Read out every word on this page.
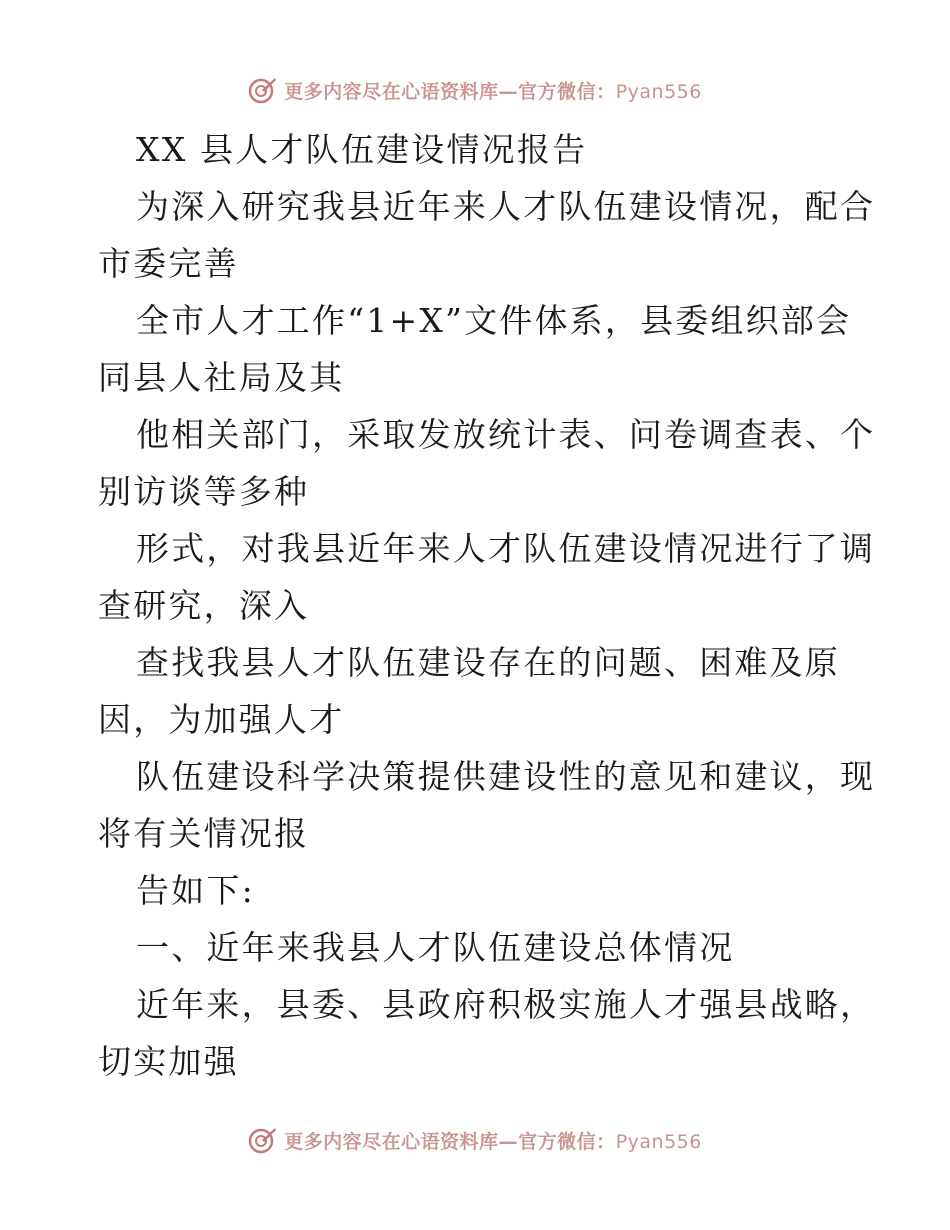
更多内容尽在心语资料库—官方微信：Pyan556
XX 县人才队伍建设情况报告
为深入研究我县近年来人才队伍建设情况，配合
市委完善
全市人才工作“1+X”文件体系，县委组织部会
同县人社局及其
他相关部门，采取发放统计表、问卷调查表、个
别访谈等多种
形式，对我县近年来人才队伍建设情况进行了调
查研究，深入
查找我县人才队伍建设存在的问题、困难及原
因，为加强人才
队伍建设科学决策提供建设性的意见和建议，现
将有关情况报
告如下:
一、近年来我县人才队伍建设总体情况
近年来，县委、县政府积极实施人才强县战略，
切实加强
更多内容尽在心语资料库—官方微信：Pyan556
